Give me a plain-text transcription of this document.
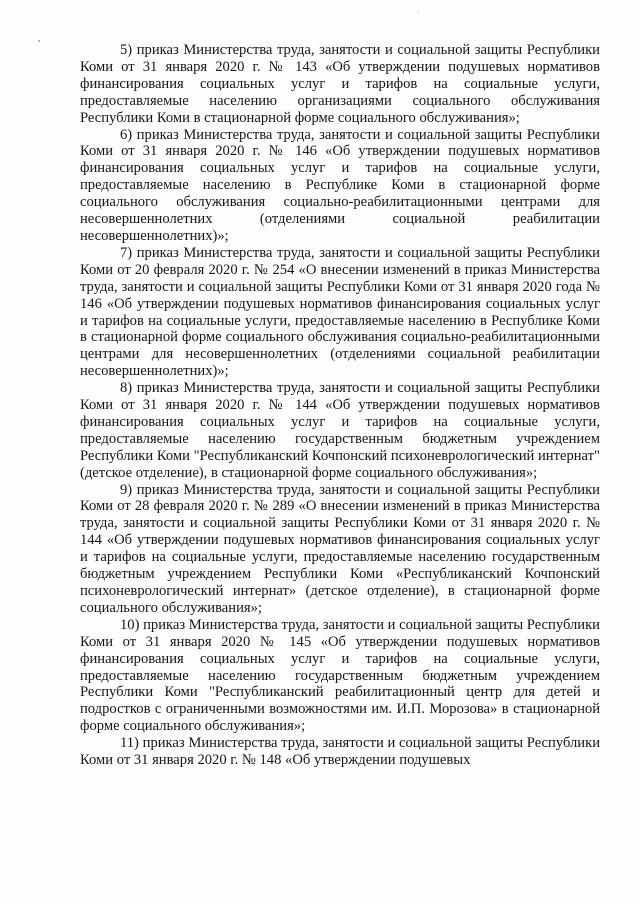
5) приказ Министерства труда, занятости и социальной защиты Республики Коми от 31 января 2020 г. № 143 «Об утверждении подушевых нормативов финансирования социальных услуг и тарифов на социальные услуги, предоставляемые населению организациями социального обслуживания Республики Коми в стационарной форме социального обслуживания»;

6) приказ Министерства труда, занятости и социальной защиты Республики Коми от 31 января 2020 г. № 146 «Об утверждении подушевых нормативов финансирования социальных услуг и тарифов на социальные услуги, предоставляемые населению в Республике Коми в стационарной форме социального обслуживания социально-реабилитационными центрами для несовершеннолетних (отделениями социальной реабилитации несовершеннолетних)»;

7) приказ Министерства труда, занятости и социальной защиты Республики Коми от 20 февраля 2020 г. № 254 «О внесении изменений в приказ Министерства труда, занятости и социальной защиты Республики Коми от 31 января 2020 года № 146 «Об утверждении подушевых нормативов финансирования социальных услуг и тарифов на социальные услуги, предоставляемые населению в Республике Коми в стационарной форме социального обслуживания социально-реабилитационными центрами для несовершеннолетних (отделениями социальной реабилитации несовершеннолетних)»;

8) приказ Министерства труда, занятости и социальной защиты Республики Коми от 31 января 2020 г. № 144 «Об утверждении подушевых нормативов финансирования социальных услуг и тарифов на социальные услуги, предоставляемые населению государственным бюджетным учреждением Республики Коми "Республиканский Кочпонский психоневрологический интернат" (детское отделение), в стационарной форме социального обслуживания»;

9) приказ Министерства труда, занятости и социальной защиты Республики Коми от 28 февраля 2020 г. № 289 «О внесении изменений в приказ Министерства труда, занятости и социальной защиты Республики Коми от 31 января 2020 г. № 144 «Об утверждении подушевых нормативов финансирования социальных услуг и тарифов на социальные услуги, предоставляемые населению государственным бюджетным учреждением Республики Коми «Республиканский Кочпонский психоневрологический интернат» (детское отделение), в стационарной форме социального обслуживания»;

10) приказ Министерства труда, занятости и социальной защиты Республики Коми от 31 января 2020 № 145 «Об утверждении подушевых нормативов финансирования социальных услуг и тарифов на социальные услуги, предоставляемые населению государственным бюджетным учреждением Республики Коми "Республиканский реабилитационный центр для детей и подростков с ограниченными возможностями им. И.П. Морозова» в стационарной форме социального обслуживания»;

11) приказ Министерства труда, занятости и социальной защиты Республики Коми от 31 января 2020 г. № 148 «Об утверждении подушевых
